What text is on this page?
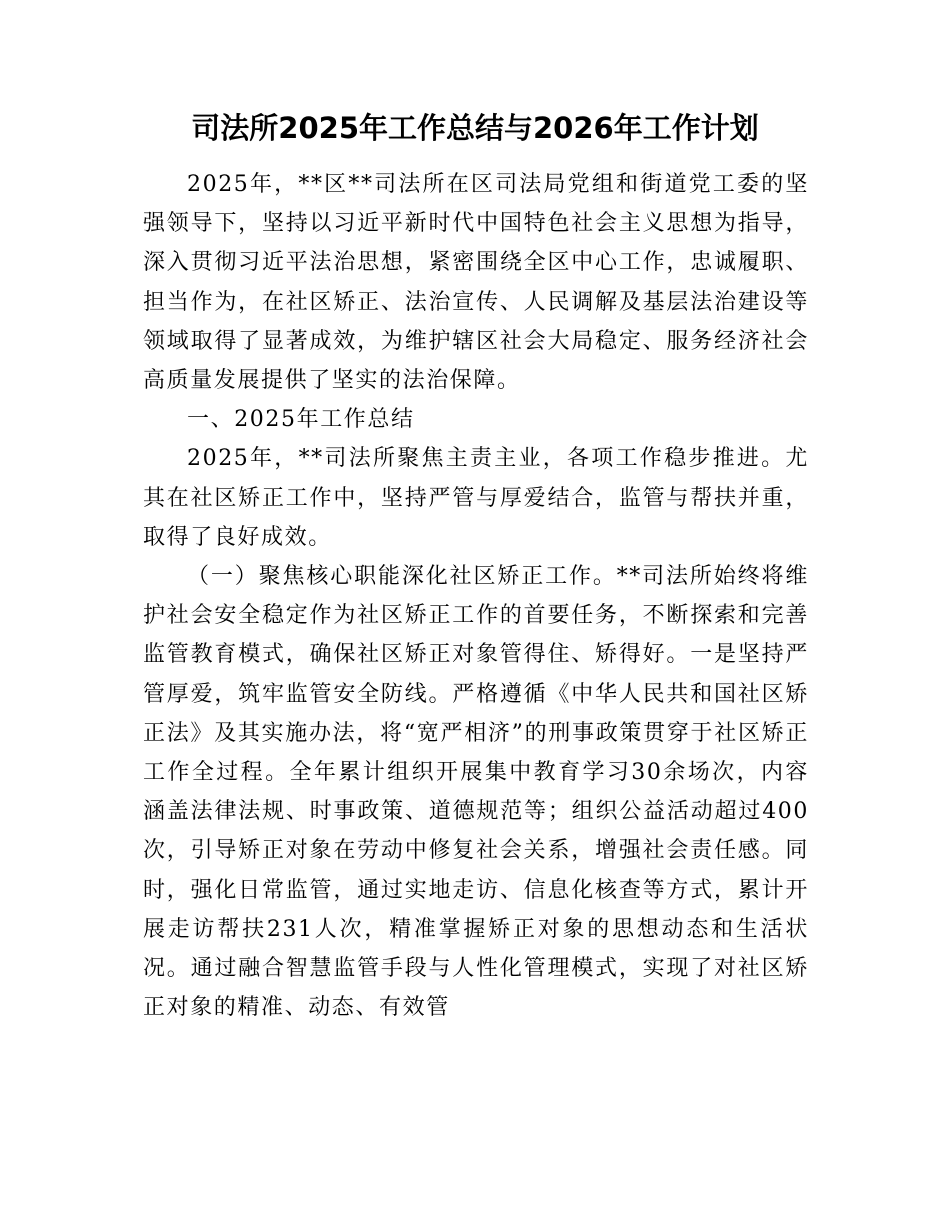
司法所2025年工作总结与2026年工作计划

2025年，**区**司法所在区司法局党组和街道党工委的坚强领导下，坚持以习近平新时代中国特色社会主义思想为指导，深入贯彻习近平法治思想，紧密围绕全区中心工作，忠诚履职、担当作为，在社区矫正、法治宣传、人民调解及基层法治建设等领域取得了显著成效，为维护辖区社会大局稳定、服务经济社会高质量发展提供了坚实的法治保障。

一、2025年工作总结

2025年，**司法所聚焦主责主业，各项工作稳步推进。尤其在社区矫正工作中，坚持严管与厚爱结合，监管与帮扶并重，取得了良好成效。

（一）聚焦核心职能深化社区矫正工作。**司法所始终将维护社会安全稳定作为社区矫正工作的首要任务，不断探索和完善监管教育模式，确保社区矫正对象管得住、矫得好。一是坚持严管厚爱，筑牢监管安全防线。严格遵循《中华人民共和国社区矫正法》及其实施办法，将“宽严相济”的刑事政策贯穿于社区矫正工作全过程。全年累计组织开展集中教育学习30余场次，内容涵盖法律法规、时事政策、道德规范等；组织公益活动超过400次，引导矫正对象在劳动中修复社会关系，增强社会责任感。同时，强化日常监管，通过实地走访、信息化核查等方式，累计开展走访帮扶231人次，精准掌握矫正对象的思想动态和生活状况。通过融合智慧监管手段与人性化管理模式，实现了对社区矫正对象的精准、动态、有效管
